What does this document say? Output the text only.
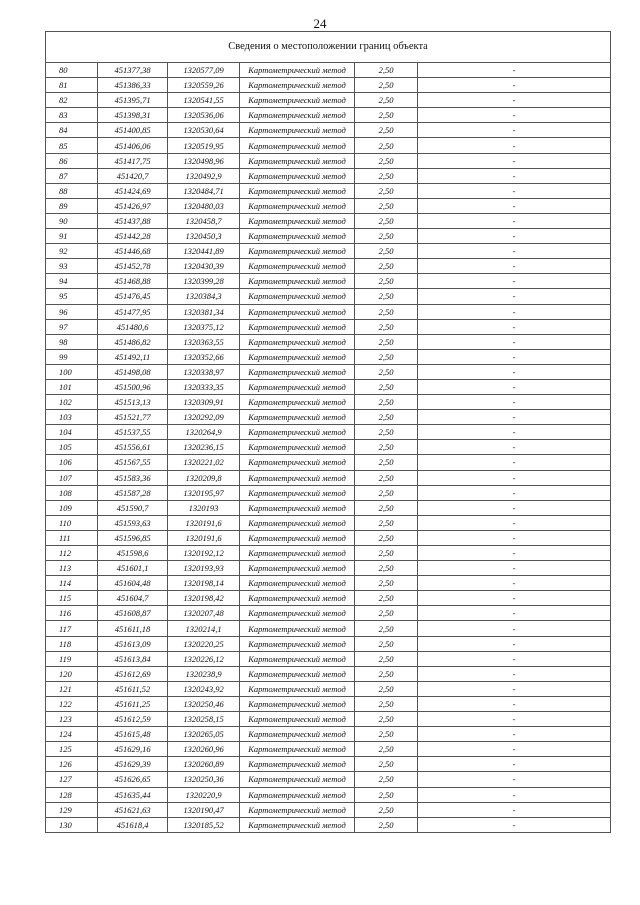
24
Сведения о местоположении границ объекта					
80	451377,38	1320577,09	Картометрический метод	2,50	-
81	451386,33	1320559,26	Картометрический метод	2,50	-
82	451395,71	1320541,55	Картометрический метод	2,50	-
83	451398,31	1320536,06	Картометрический метод	2,50	-
84	451400,85	1320530,64	Картометрический метод	2,50	-
85	451406,06	1320519,95	Картометрический метод	2,50	-
86	451417,75	1320498,96	Картометрический метод	2,50	-
87	451420,7	1320492,9	Картометрический метод	2,50	-
88	451424,69	1320484,71	Картометрический метод	2,50	-
89	451426,97	1320480,03	Картометрический метод	2,50	-
90	451437,88	1320458,7	Картометрический метод	2,50	-
91	451442,28	1320450,3	Картометрический метод	2,50	-
92	451446,68	1320441,89	Картометрический метод	2,50	-
93	451452,78	1320430,39	Картометрический метод	2,50	-
94	451468,88	1320399,28	Картометрический метод	2,50	-
95	451476,45	1320384,3	Картометрический метод	2,50	-
96	451477,95	1320381,34	Картометрический метод	2,50	-
97	451480,6	1320375,12	Картометрический метод	2,50	-
98	451486,82	1320363,55	Картометрический метод	2,50	-
99	451492,11	1320352,66	Картометрический метод	2,50	-
100	451498,08	1320338,97	Картометрический метод	2,50	-
101	451500,96	1320333,35	Картометрический метод	2,50	-
102	451513,13	1320309,91	Картометрический метод	2,50	-
103	451521,77	1320292,09	Картометрический метод	2,50	-
104	451537,55	1320264,9	Картометрический метод	2,50	-
105	451556,61	1320236,15	Картометрический метод	2,50	-
106	451567,55	1320221,02	Картометрический метод	2,50	-
107	451583,36	1320209,8	Картометрический метод	2,50	-
108	451587,28	1320195,97	Картометрический метод	2,50	-
109	451590,7	1320193	Картометрический метод	2,50	-
110	451593,63	1320191,6	Картометрический метод	2,50	-
111	451596,85	1320191,6	Картометрический метод	2,50	-
112	451598,6	1320192,12	Картометрический метод	2,50	-
113	451601,1	1320193,93	Картометрический метод	2,50	-
114	451604,48	1320198,14	Картометрический метод	2,50	-
115	451604,7	1320198,42	Картометрический метод	2,50	-
116	451608,87	1320207,48	Картометрический метод	2,50	-
117	451611,18	1320214,1	Картометрический метод	2,50	-
118	451613,09	1320220,25	Картометрический метод	2,50	-
119	451613,84	1320226,12	Картометрический метод	2,50	-
120	451612,69	1320238,9	Картометрический метод	2,50	-
121	451611,52	1320243,92	Картометрический метод	2,50	-
122	451611,25	1320250,46	Картометрический метод	2,50	-
123	451612,59	1320258,15	Картометрический метод	2,50	-
124	451615,48	1320265,05	Картометрический метод	2,50	-
125	451629,16	1320260,96	Картометрический метод	2,50	-
126	451629,39	1320260,89	Картометрический метод	2,50	-
127	451626,65	1320250,36	Картометрический метод	2,50	-
128	451635,44	1320220,9	Картометрический метод	2,50	-
129	451621,63	1320190,47	Картометрический метод	2,50	-
130	451618,4	1320185,52	Картометрический метод	2,50	-
